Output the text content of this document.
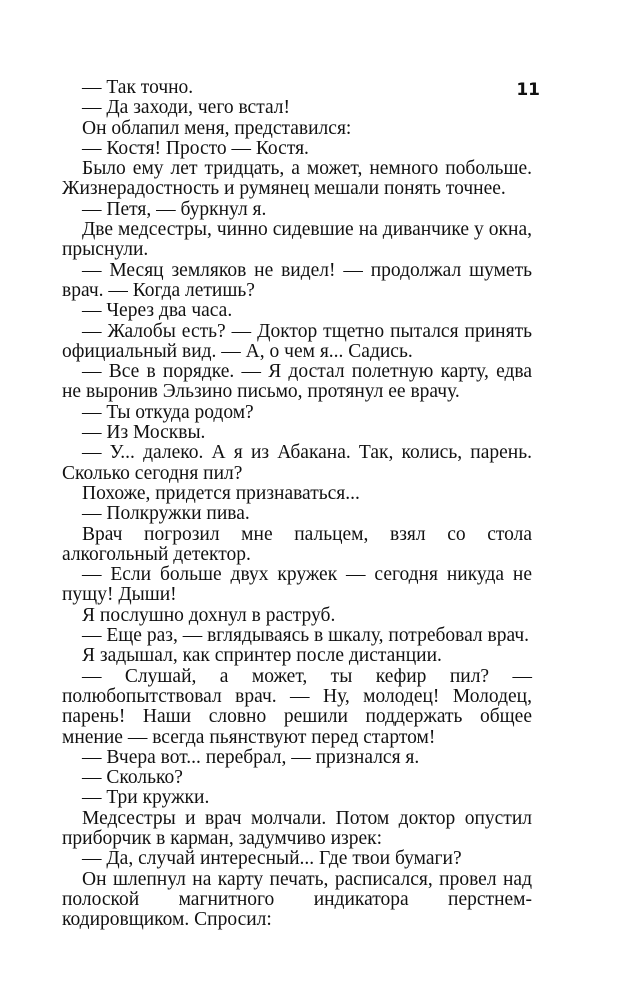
11

— Так точно.

— Да заходи, чего встал!

Он облапил меня, представился:

— Костя! Просто — Костя.

Было ему лет тридцать, а может, немного побольше. Жизнерадостность и румянец мешали понять точнее.

— Петя, — буркнул я.

Две медсестры, чинно сидевшие на диванчике у окна, прыснули.

— Месяц земляков не видел! — продолжал шуметь врач. — Когда летишь?

— Через два часа.

— Жалобы есть? — Доктор тщетно пытался принять официальный вид. — А, о чем я... Садись.

— Все в порядке. — Я достал полетную карту, едва не выронив Эльзино письмо, протянул ее врачу.

— Ты откуда родом?

— Из Москвы.

— У... далеко. А я из Абакана. Так, колись, парень. Сколько сегодня пил?

Похоже, придется признаваться...

— Полкружки пива.

Врач погрозил мне пальцем, взял со стола алкогольный детектор.

— Если больше двух кружек — сегодня никуда не пущу! Дыши!

Я послушно дохнул в раструб.

— Еще раз, — вглядываясь в шкалу, потребовал врач.

Я задышал, как спринтер после дистанции.

— Слушай, а может, ты кефир пил? — полюбопытствовал врач. — Ну, молодец! Молодец, парень! Наши словно решили поддержать общее мнение — всегда пьянствуют перед стартом!

— Вчера вот... перебрал, — признался я.

— Сколько?

— Три кружки.

Медсестры и врач молчали. Потом доктор опустил приборчик в карман, задумчиво изрек:

— Да, случай интересный... Где твои бумаги?

Он шлепнул на карту печать, расписался, провел над полоской магнитного индикатора перстнем-кодировщиком. Спросил:
